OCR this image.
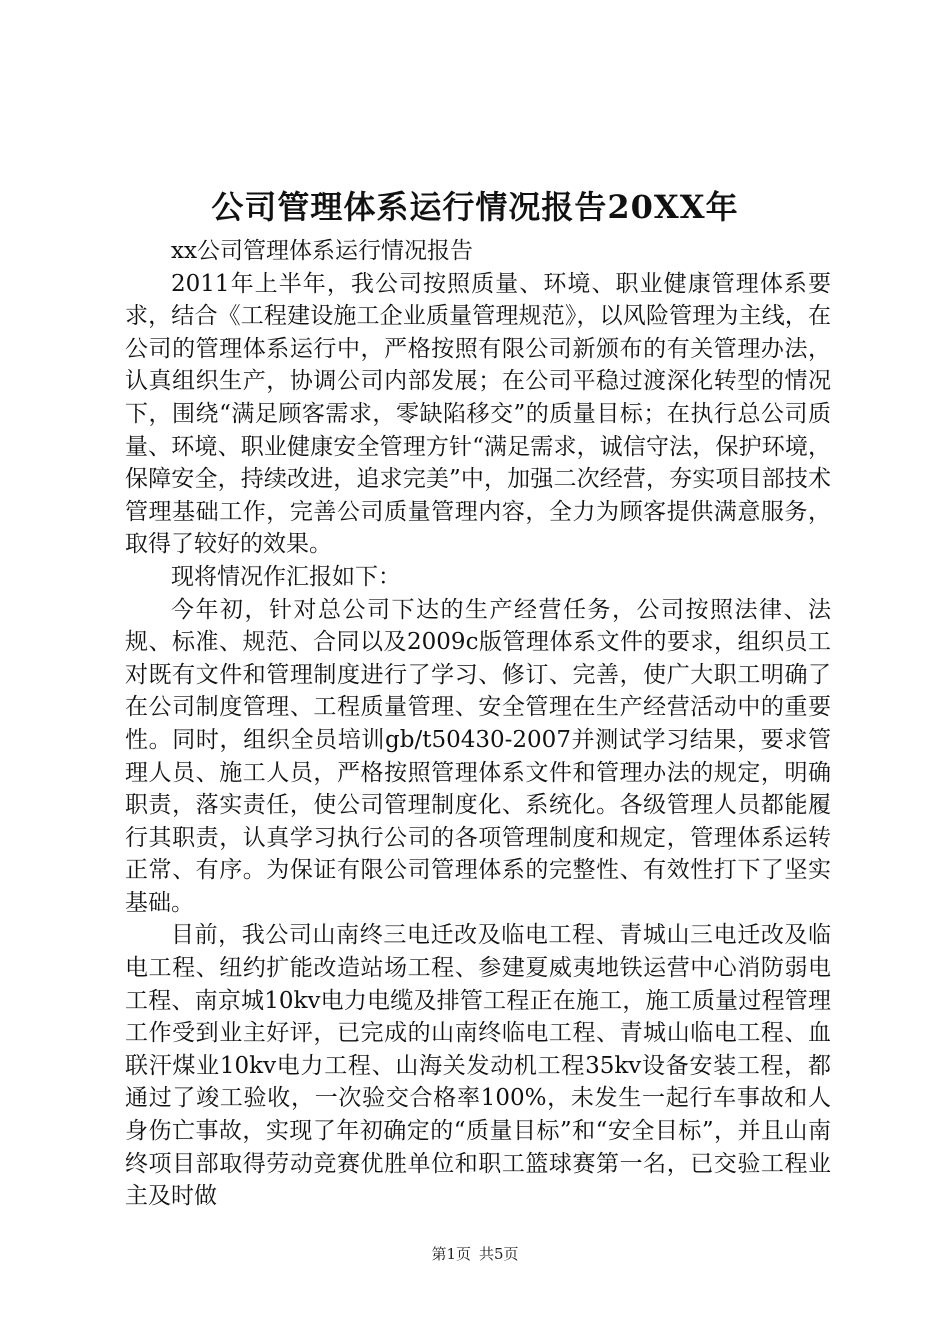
公司管理体系运行情况报告20XX年

xx公司管理体系运行情况报告

2011年上半年，我公司按照质量、环境、职业健康管理体系要求，结合《工程建设施工企业质量管理规范》，以风险管理为主线，在公司的管理体系运行中，严格按照有限公司新颁布的有关管理办法，认真组织生产，协调公司内部发展；在公司平稳过渡深化转型的情况下，围绕“满足顾客需求，零缺陷移交”的质量目标；在执行总公司质量、环境、职业健康安全管理方针“满足需求，诚信守法，保护环境，保障安全，持续改进，追求完美”中，加强二次经营，夯实项目部技术管理基础工作，完善公司质量管理内容，全力为顾客提供满意服务，取得了较好的效果。

现将情况作汇报如下：

今年初，针对总公司下达的生产经营任务，公司按照法律、法规、标准、规范、合同以及2009c版管理体系文件的要求，组织员工对既有文件和管理制度进行了学习、修订、完善，使广大职工明确了在公司制度管理、工程质量管理、安全管理在生产经营活动中的重要性。同时，组织全员培训gb/t50430-2007并测试学习结果，要求管理人员、施工人员，严格按照管理体系文件和管理办法的规定，明确职责，落实责任，使公司管理制度化、系统化。各级管理人员都能履行其职责，认真学习执行公司的各项管理制度和规定，管理体系运转正常、有序。为保证有限公司管理体系的完整性、有效性打下了坚实基础。

目前，我公司山南终三电迁改及临电工程、青城山三电迁改及临电工程、纽约扩能改造站场工程、参建夏威夷地铁运营中心消防弱电工程、南京城10kv电力电缆及排管工程正在施工，施工质量过程管理工作受到业主好评，已完成的山南终临电工程、青城山临电工程、血联汗煤业10kv电力工程、山海关发动机工程35kv设备安装工程，都通过了竣工验收，一次验交合格率100%，未发生一起行车事故和人身伤亡事故，实现了年初确定的“质量目标”和“安全目标”，并且山南终项目部取得劳动竞赛优胜单位和职工篮球赛第一名，已交验工程业主及时做

第1页 共5页
